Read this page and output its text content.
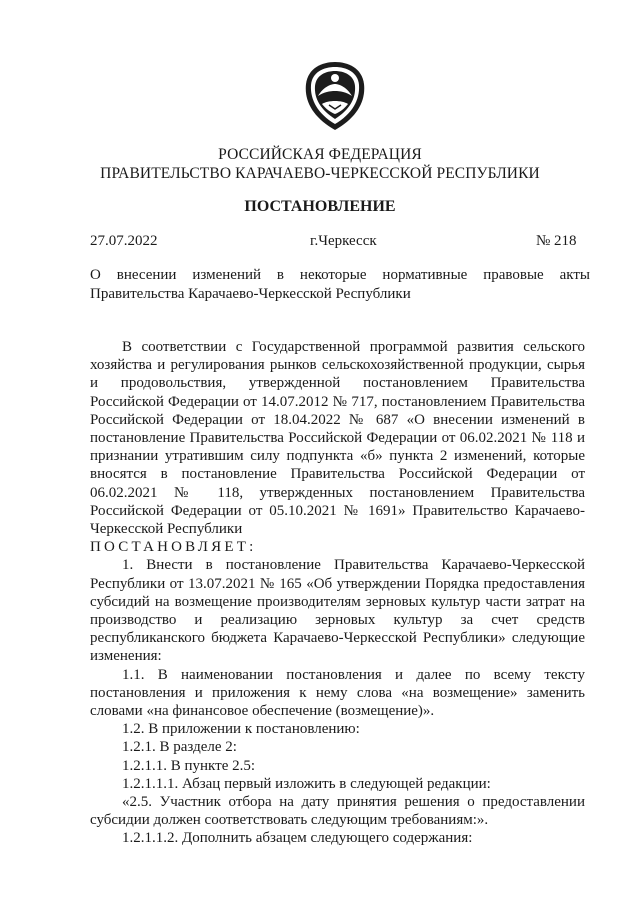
РОССИЙСКАЯ ФЕДЕРАЦИЯ
ПРАВИТЕЛЬСТВО КАРАЧАЕВО-ЧЕРКЕССКОЙ РЕСПУБЛИКИ
ПОСТАНОВЛЕНИЕ
27.07.2022	г.Черкесск	№ 218
О внесении изменений в некоторые нормативные правовые акты Правительства Карачаево-Черкесской Республики

В соответствии с Государственной программой развития сельского хозяйства и регулирования рынков сельскохозяйственной продукции, сырья и продовольствия, утвержденной постановлением Правительства Российской Федерации от 14.07.2012 № 717, постановлением Правительства Российской Федерации от 18.04.2022 № 687 «О внесении изменений в постановление Правительства Российской Федерации от 06.02.2021 № 118 и признании утратившим силу подпункта «б» пункта 2 изменений, которые вносятся в постановление Правительства Российской Федерации от 06.02.2021 № 118, утвержденных постановлением Правительства Российской Федерации от 05.10.2021 № 1691» Правительство Карачаево-Черкесской Республики

ПОСТАНОВЛЯЕТ:

1. Внести в постановление Правительства Карачаево-Черкесской Республики от 13.07.2021 № 165 «Об утверждении Порядка предоставления субсидий на возмещение производителям зерновых культур части затрат на производство и реализацию зерновых культур за счет средств республиканского бюджета Карачаево-Черкесской Республики» следующие изменения:

1.1. В наименовании постановления и далее по всему тексту постановления и приложения к нему слова «на возмещение» заменить словами «на финансовое обеспечение (возмещение)».

1.2. В приложении к постановлению:

1.2.1. В разделе 2:

1.2.1.1. В пункте 2.5:

1.2.1.1.1. Абзац первый изложить в следующей редакции:

«2.5. Участник отбора на дату принятия решения о предоставлении субсидии должен соответствовать следующим требованиям:».

1.2.1.1.2. Дополнить абзацем следующего содержания:
